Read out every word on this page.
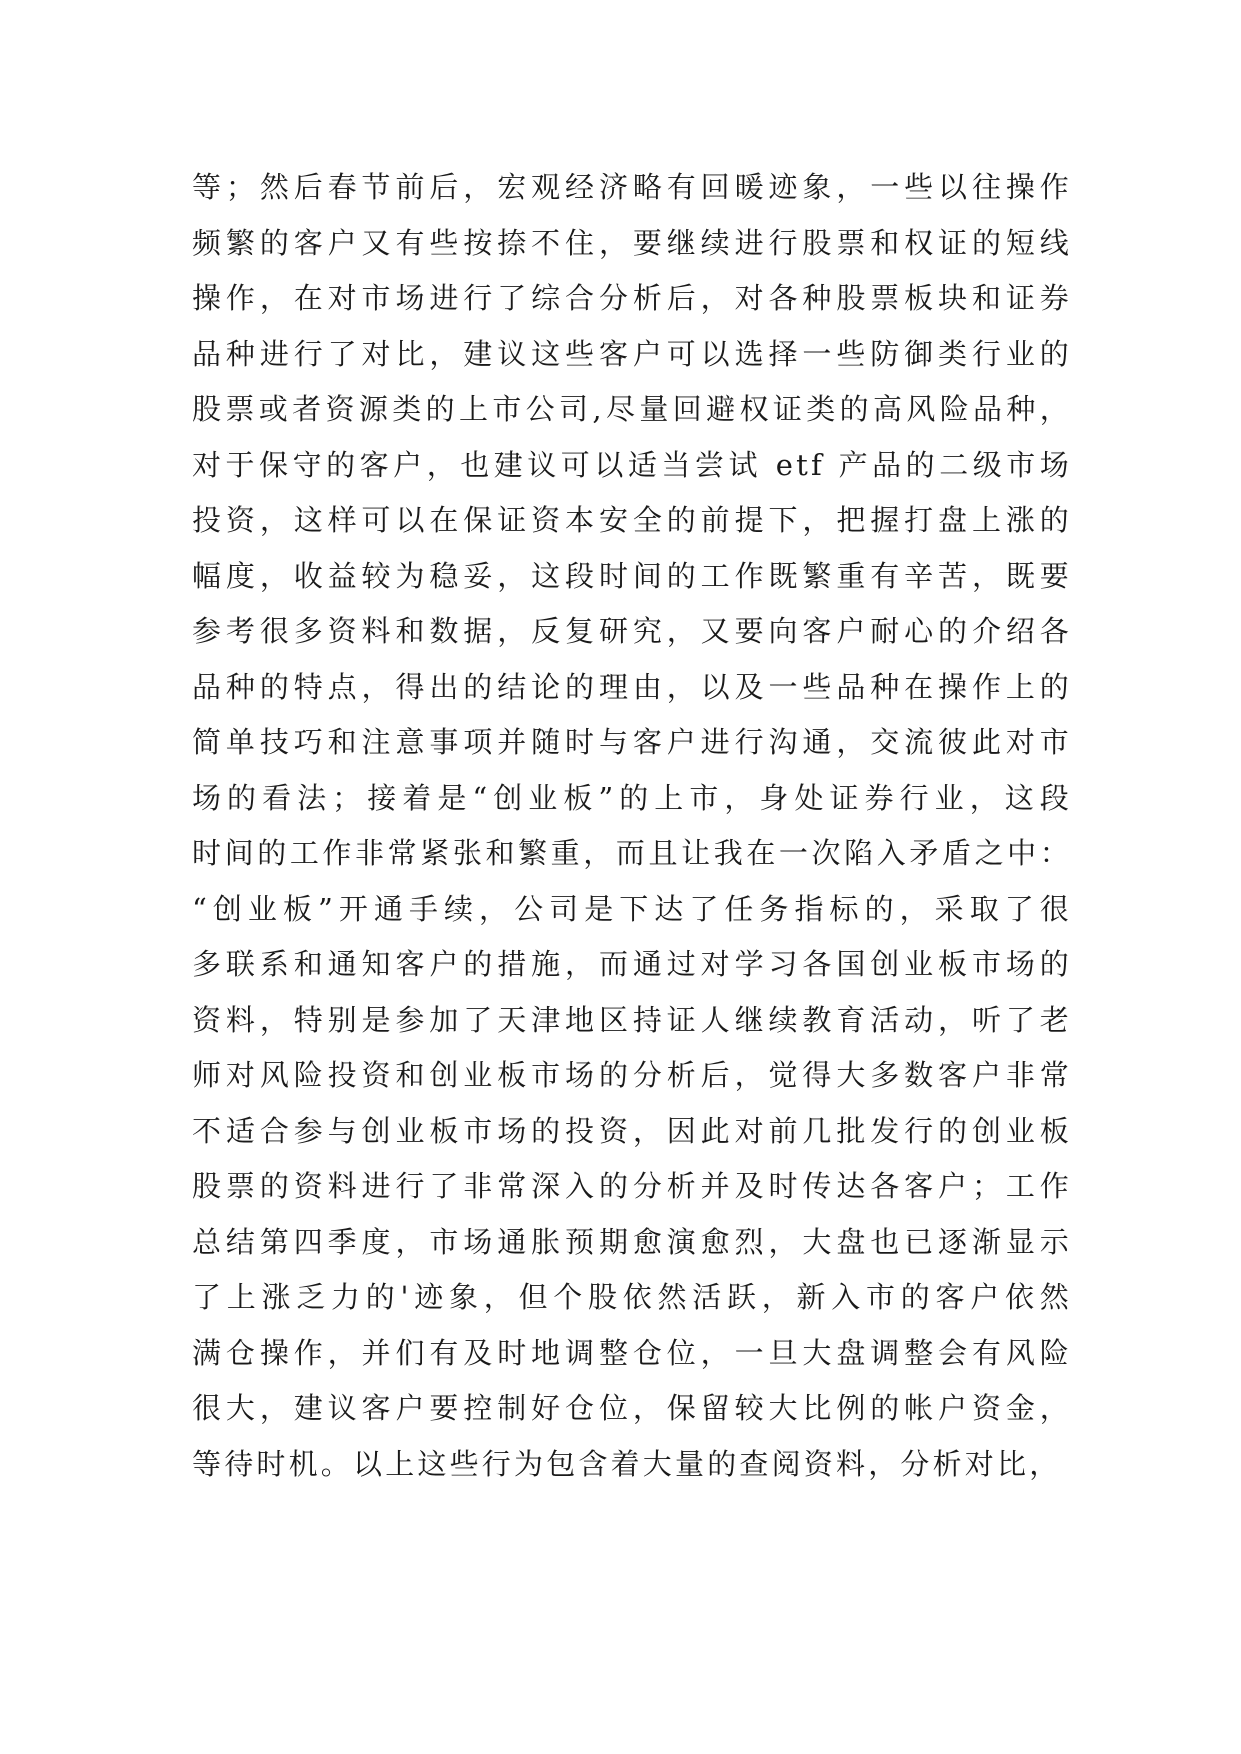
等；然后春节前后，宏观经济略有回暖迹象，一些以往操作
频繁的客户又有些按捺不住，要继续进行股票和权证的短线
操作，在对市场进行了综合分析后，对各种股票板块和证券
品种进行了对比，建议这些客户可以选择一些防御类行业的
股票或者资源类的上市公司,尽量回避权证类的高风险品种，
对于保守的客户，也建议可以适当尝试 etf 产品的二级市场
投资，这样可以在保证资本安全的前提下，把握打盘上涨的
幅度，收益较为稳妥，这段时间的工作既繁重有辛苦，既要
参考很多资料和数据，反复研究，又要向客户耐心的介绍各
品种的特点，得出的结论的理由，以及一些品种在操作上的
简单技巧和注意事项并随时与客户进行沟通，交流彼此对市
场的看法；接着是“创业板”的上市，身处证券行业，这段
时间的工作非常紧张和繁重，而且让我在一次陷入矛盾之中：
“创业板”开通手续，公司是下达了任务指标的，采取了很
多联系和通知客户的措施，而通过对学习各国创业板市场的
资料，特别是参加了天津地区持证人继续教育活动，听了老
师对风险投资和创业板市场的分析后，觉得大多数客户非常
不适合参与创业板市场的投资，因此对前几批发行的创业板
股票的资料进行了非常深入的分析并及时传达各客户；工作
总结第四季度，市场通胀预期愈演愈烈，大盘也已逐渐显示
了上涨乏力的'迹象，但个股依然活跃，新入市的客户依然
满仓操作，并们有及时地调整仓位，一旦大盘调整会有风险
很大，建议客户要控制好仓位，保留较大比例的帐户资金，
等待时机。以上这些行为包含着大量的查阅资料，分析对比，
